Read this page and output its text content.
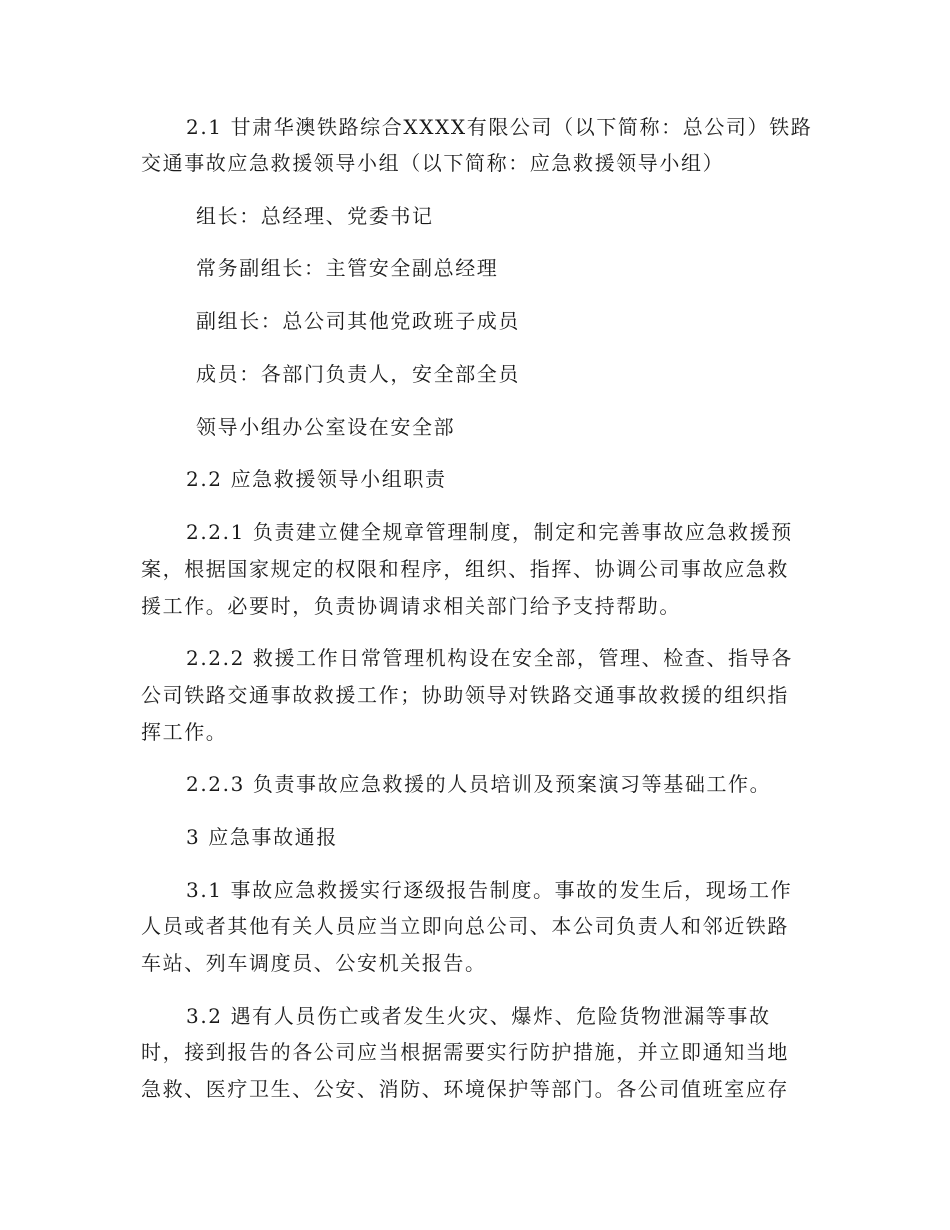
2.1 甘肃华澳铁路综合XXXX有限公司（以下简称：总公司）铁路
交通事故应急救援领导小组（以下简称：应急救援领导小组）
组长：总经理、党委书记
常务副组长：主管安全副总经理
副组长：总公司其他党政班子成员
成员：各部门负责人，安全部全员
领导小组办公室设在安全部
2.2 应急救援领导小组职责
2.2.1 负责建立健全规章管理制度，制定和完善事故应急救援预
案，根据国家规定的权限和程序，组织、指挥、协调公司事故应急救
援工作。必要时，负责协调请求相关部门给予支持帮助。
2.2.2 救援工作日常管理机构设在安全部，管理、检查、指导各
公司铁路交通事故救援工作；协助领导对铁路交通事故救援的组织指
挥工作。
2.2.3 负责事故应急救援的人员培训及预案演习等基础工作。
3 应急事故通报
3.1 事故应急救援实行逐级报告制度。事故的发生后，现场工作
人员或者其他有关人员应当立即向总公司、本公司负责人和邻近铁路
车站、列车调度员、公安机关报告。
3.2 遇有人员伤亡或者发生火灾、爆炸、危险货物泄漏等事故
时，接到报告的各公司应当根据需要实行防护措施，并立即通知当地
急救、医疗卫生、公安、消防、环境保护等部门。各公司值班室应存
